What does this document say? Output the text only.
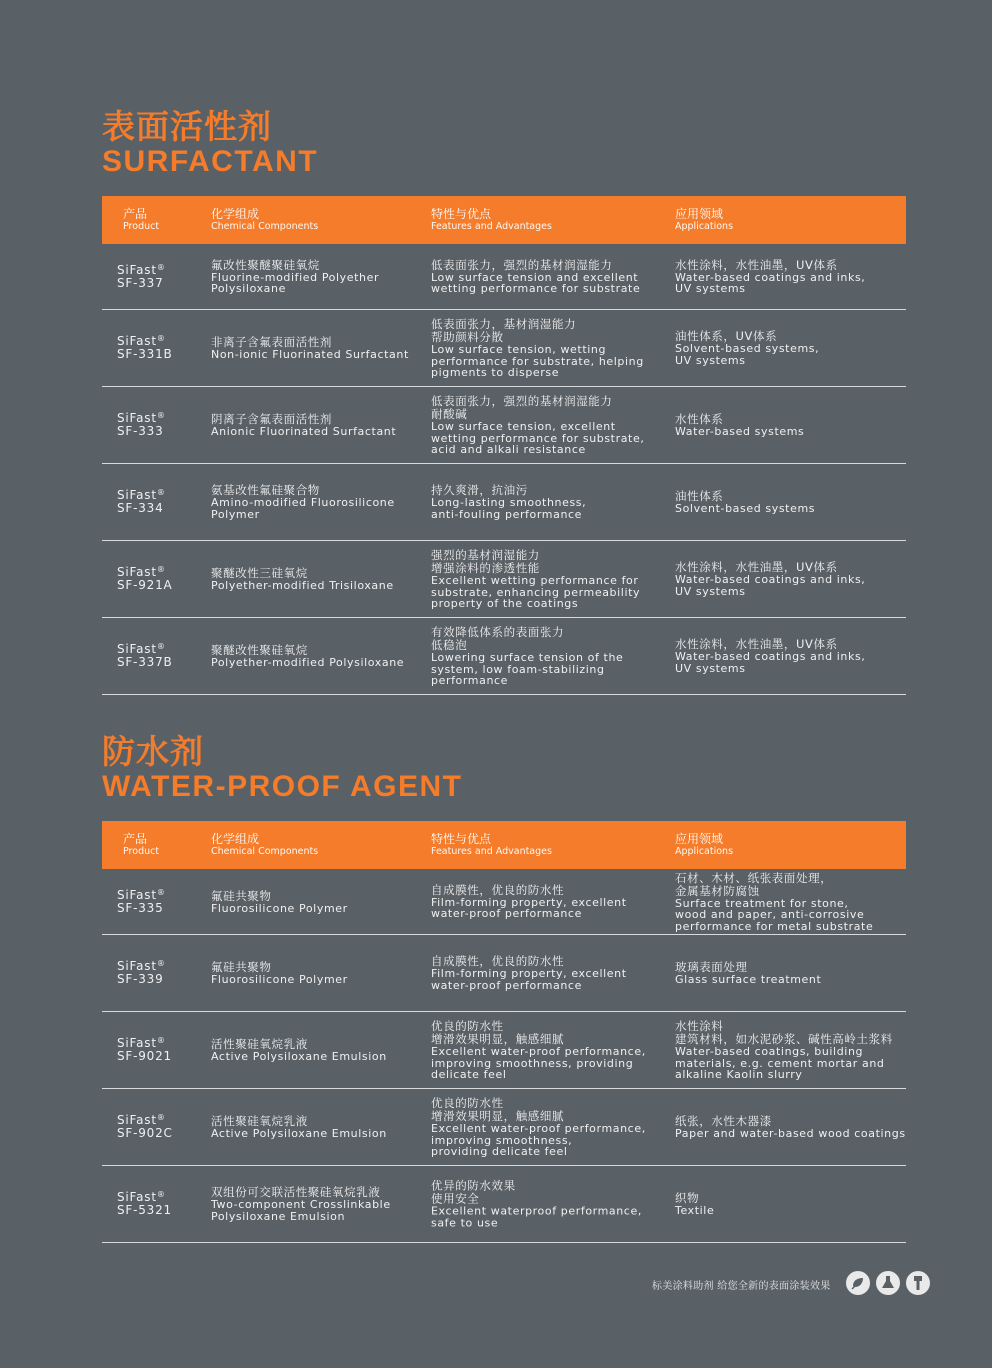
表面活性剂
SURFACTANT
产品
Product
化学组成
Chemical Components
特性与优点
Features and Advantages
应用领域
Applications
SiFast®
SF-337
氟改性聚醚聚硅氧烷
Fluorine-modified Polyether
Polysiloxane
低表面张力，强烈的基材润湿能力
Low surface tension and excellent
wetting performance for substrate
水性涂料，水性油墨，UV体系
Water-based coatings and inks,
UV systems
SiFast®
SF-331B
非离子含氟表面活性剂
Non-ionic Fluorinated Surfactant
低表面张力，基材润湿能力
帮助颜料分散
Low surface tension, wetting
performance for substrate, helping
pigments to disperse
油性体系，UV体系
Solvent-based systems,
UV systems
SiFast®
SF-333
阴离子含氟表面活性剂
Anionic Fluorinated Surfactant
低表面张力，强烈的基材润湿能力
耐酸碱
Low surface tension, excellent
wetting performance for substrate,
acid and alkali resistance
水性体系
Water-based systems
SiFast®
SF-334
氨基改性氟硅聚合物
Amino-modified Fluorosilicone
Polymer
持久爽滑，抗油污
Long-lasting smoothness,
anti-fouling performance
油性体系
Solvent-based systems
SiFast®
SF-921A
聚醚改性三硅氧烷
Polyether-modified Trisiloxane
强烈的基材润湿能力
增强涂料的渗透性能
Excellent wetting performance for
substrate, enhancing permeability
property of the coatings
水性涂料，水性油墨，UV体系
Water-based coatings and inks,
UV systems
SiFast®
SF-337B
聚醚改性聚硅氧烷
Polyether-modified Polysiloxane
有效降低体系的表面张力
低稳泡
Lowering surface tension of the
system, low foam-stabilizing
performance
水性涂料，水性油墨，UV体系
Water-based coatings and inks,
UV systems
防水剂
WATER-PROOF AGENT
产品
Product
化学组成
Chemical Components
特性与优点
Features and Advantages
应用领域
Applications
SiFast®
SF-335
氟硅共聚物
Fluorosilicone Polymer
自成膜性，优良的防水性
Film-forming property, excellent
water-proof performance
石材、木材、纸张表面处理，
金属基材防腐蚀
Surface treatment for stone,
wood and paper, anti-corrosive
performance for metal substrate
SiFast®
SF-339
氟硅共聚物
Fluorosilicone Polymer
自成膜性，优良的防水性
Film-forming property, excellent
water-proof performance
玻璃表面处理
Glass surface treatment
SiFast®
SF-9021
活性聚硅氧烷乳液
Active Polysiloxane Emulsion
优良的防水性
增滑效果明显，触感细腻
Excellent water-proof performance,
improving smoothness, providing
delicate feel
水性涂料
建筑材料，如水泥砂浆、碱性高岭土浆料
Water-based coatings, building
materials, e.g. cement mortar and
alkaline Kaolin slurry
SiFast®
SF-902C
活性聚硅氧烷乳液
Active Polysiloxane Emulsion
优良的防水性
增滑效果明显，触感细腻
Excellent water-proof performance,
improving smoothness,
providing delicate feel
纸张，水性木器漆
Paper and water-based wood coatings
SiFast®
SF-5321
双组份可交联活性聚硅氧烷乳液
Two-component Crosslinkable
Polysiloxane Emulsion
优异的防水效果
使用安全
Excellent waterproof performance,
safe to use
织物
Textile
标美涂料助剂 给您全新的表面涂装效果
